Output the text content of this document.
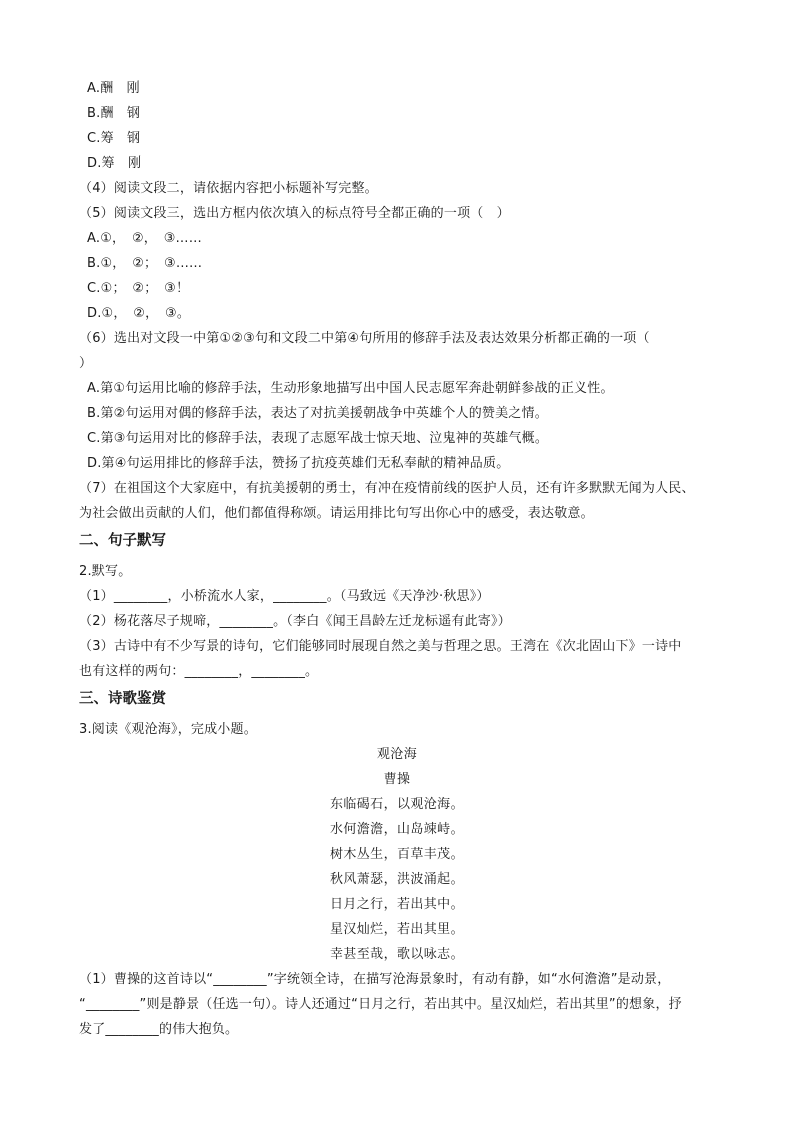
A.酬　刚
B.酬　钢
C.筹　钢
D.筹　刚
（4）阅读文段二，请依据内容把小标题补写完整。
（5）阅读文段三，选出方框内依次填入的标点符号全都正确的一项（　）
A.①，　②，　③……
B.①，　②；　③……
C.①；　②；　③！
D.①，　②，　③。
（6）选出对文段一中第①②③句和文段二中第④句所用的修辞手法及表达效果分析都正确的一项（
）
A.第①句运用比喻的修辞手法，生动形象地描写出中国人民志愿军奔赴朝鲜参战的正义性。
B.第②句运用对偶的修辞手法，表达了对抗美援朝战争中英雄个人的赞美之情。
C.第③句运用对比的修辞手法，表现了志愿军战士惊天地、泣鬼神的英雄气概。
D.第④句运用排比的修辞手法，赞扬了抗疫英雄们无私奉献的精神品质。
（7）在祖国这个大家庭中，有抗美援朝的勇士，有冲在疫情前线的医护人员，还有许多默默无闻为人民、
为社会做出贡献的人们，他们都值得称颂。请运用排比句写出你心中的感受，表达敬意。
二、句子默写
2.默写。
（1）________，小桥流水人家，________。（马致远《天净沙·秋思》）
（2）杨花落尽子规啼，________。（李白《闻王昌龄左迁龙标遥有此寄》）
（3）古诗中有不少写景的诗句，它们能够同时展现自然之美与哲理之思。王湾在《次北固山下》一诗中
也有这样的两句：________，________。
三、诗歌鉴赏
3.阅读《观沧海》，完成小题。
观沧海
曹操
东临碣石，以观沧海。
水何澹澹，山岛竦峙。
树木丛生，百草丰茂。
秋风萧瑟，洪波涌起。
日月之行，若出其中。
星汉灿烂，若出其里。
幸甚至哉，歌以咏志。
（1）曹操的这首诗以“________”字统领全诗，在描写沧海景象时，有动有静，如“水何澹澹”是动景，
“________”则是静景（任选一句）。诗人还通过“日月之行，若出其中。星汉灿烂，若出其里”的想象，抒
发了________的伟大抱负。
